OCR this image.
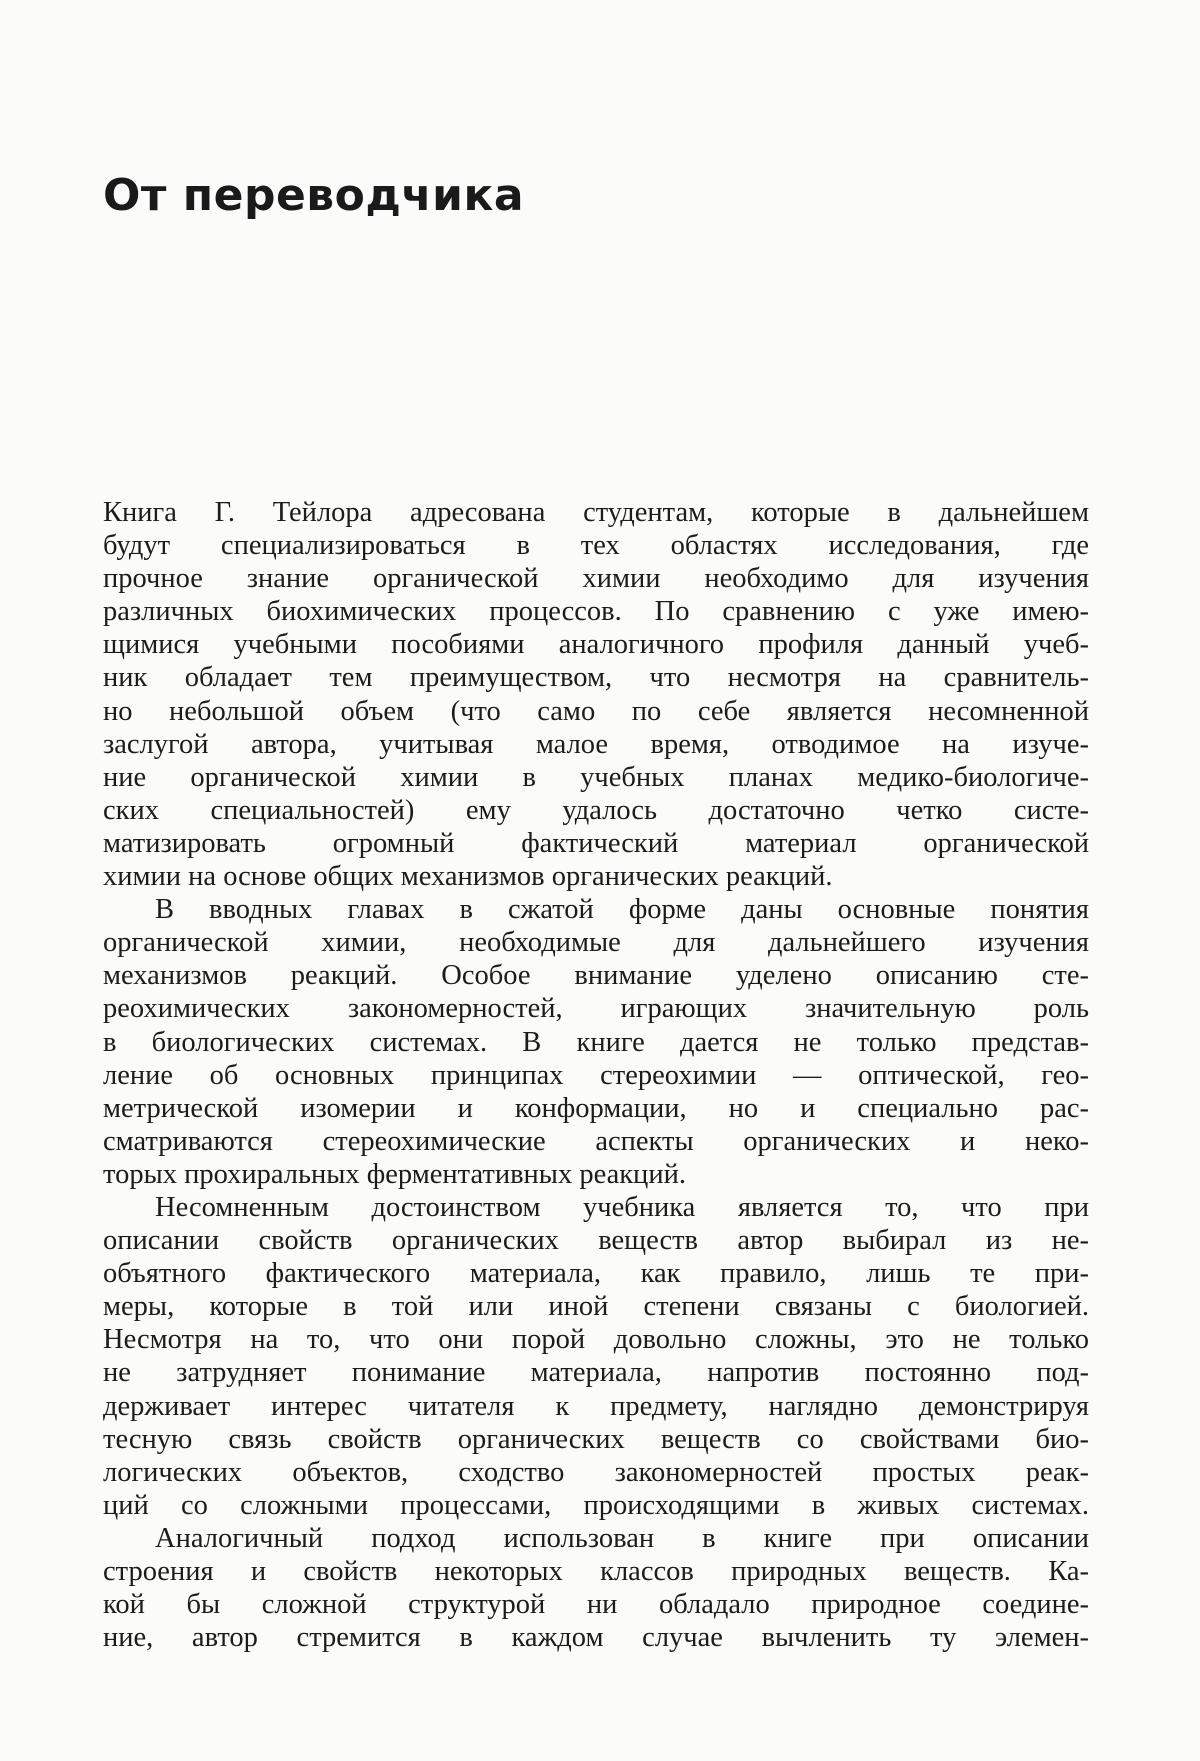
От переводчика
Книга Г. Тейлора адресована студентам, которые в дальнейшем
будут специализироваться в тех областях исследования, где
прочное знание органической химии необходимо для изучения
различных биохимических процессов. По сравнению с уже имею-
щимися учебными пособиями аналогичного профиля данный учеб-
ник обладает тем преимуществом, что несмотря на сравнитель-
но небольшой объем (что само по себе является несомненной
заслугой автора, учитывая малое время, отводимое на изуче-
ние органической химии в учебных планах медико-биологиче-
ских специальностей) ему удалось достаточно четко систе-
матизировать огромный фактический материал органической
химии на основе общих механизмов органических реакций.
В вводных главах в сжатой форме даны основные понятия
органической химии, необходимые для дальнейшего изучения
механизмов реакций. Особое внимание уделено описанию сте-
реохимических закономерностей, играющих значительную роль
в биологических системах. В книге дается не только представ-
ление об основных принципах стереохимии — оптической, гео-
метрической изомерии и конформации, но и специально рас-
сматриваются стереохимические аспекты органических и неко-
торых прохиральных ферментативных реакций.
Несомненным достоинством учебника является то, что при
описании свойств органических веществ автор выбирал из не-
объятного фактического материала, как правило, лишь те при-
меры, которые в той или иной степени связаны с биологией.
Несмотря на то, что они порой довольно сложны, это не только
не затрудняет понимание материала, напротив постоянно под-
держивает интерес читателя к предмету, наглядно демонстрируя
тесную связь свойств органических веществ со свойствами био-
логических объектов, сходство закономерностей простых реак-
ций со сложными процессами, происходящими в живых системах.
Аналогичный подход использован в книге при описании
строения и свойств некоторых классов природных веществ. Ка-
кой бы сложной структурой ни обладало природное соедине-
ние, автор стремится в каждом случае вычленить ту элемен-
